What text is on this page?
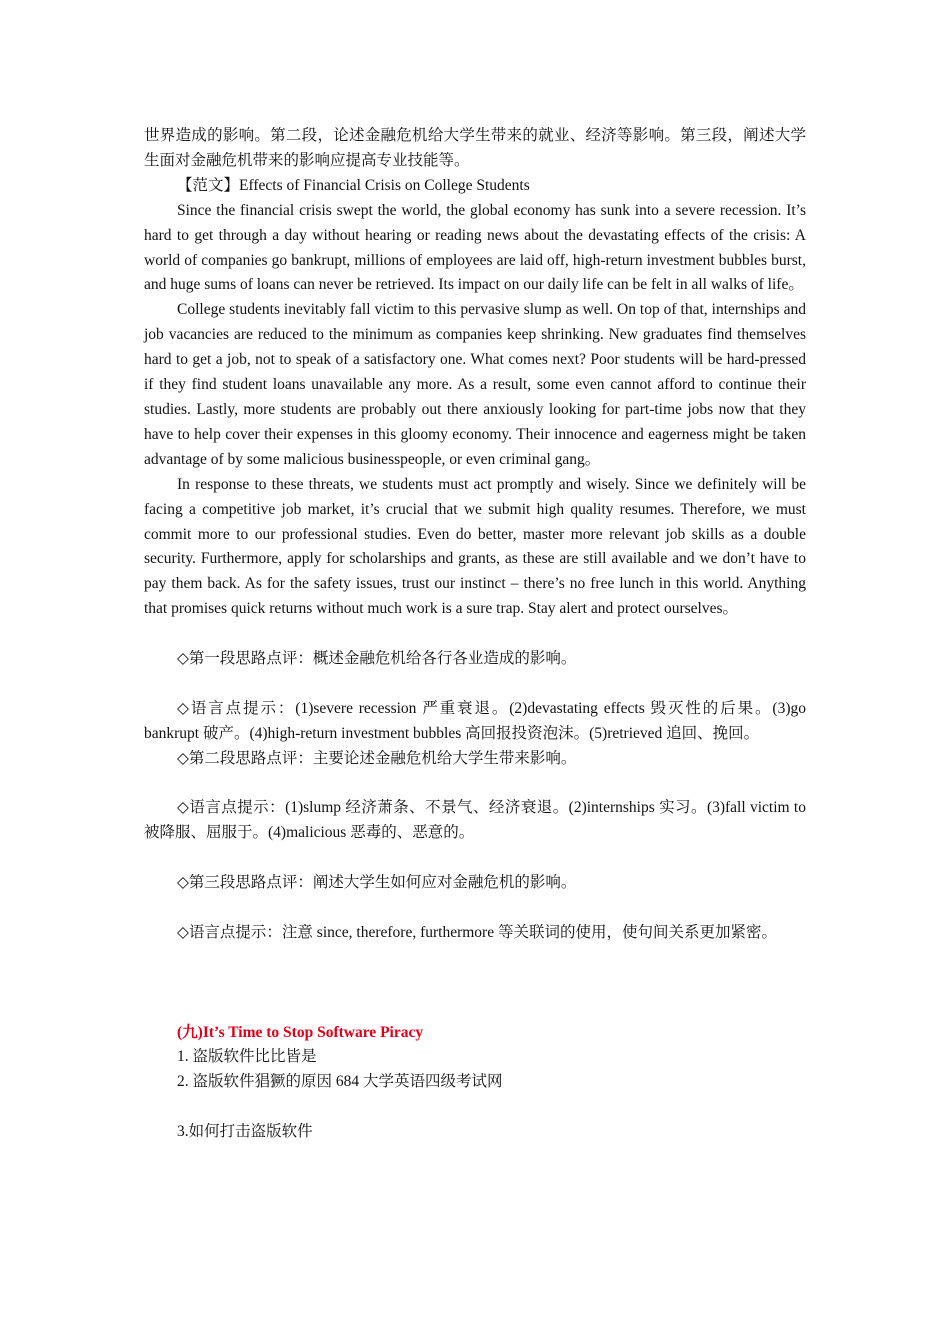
世界造成的影响。第二段，论述金融危机给大学生带来的就业、经济等影响。第三段，阐述大学生面对金融危机带来的影响应提高专业技能等。

【范文】Effects of Financial Crisis on College Students

Since the financial crisis swept the world, the global economy has sunk into a severe recession. It’s hard to get through a day without hearing or reading news about the devastating effects of the crisis: A world of companies go bankrupt, millions of employees are laid off, high-return investment bubbles burst, and huge sums of loans can never be retrieved. Its impact on our daily life can be felt in all walks of life。

College students inevitably fall victim to this pervasive slump as well. On top of that, internships and job vacancies are reduced to the minimum as companies keep shrinking. New graduates find themselves hard to get a job, not to speak of a satisfactory one. What comes next? Poor students will be hard-pressed if they find student loans unavailable any more. As a result, some even cannot afford to continue their studies. Lastly, more students are probably out there anxiously looking for part-time jobs now that they have to help cover their expenses in this gloomy economy. Their innocence and eagerness might be taken advantage of by some malicious businesspeople, or even criminal gang。

In response to these threats, we students must act promptly and wisely. Since we definitely will be facing a competitive job market, it’s crucial that we submit high quality resumes. Therefore, we must commit more to our professional studies. Even do better, master more relevant job skills as a double security. Furthermore, apply for scholarships and grants, as these are still available and we don’t have to pay them back. As for the safety issues, trust our instinct – there’s no free lunch in this world. Anything that promises quick returns without much work is a sure trap. Stay alert and protect ourselves。

◇第一段思路点评：概述金融危机给各行各业造成的影响。

◇语言点提示：(1)severe recession 严重衰退。(2)devastating effects 毁灭性的后果。(3)go bankrupt 破产。(4)high-return investment bubbles 高回报投资泡沫。(5)retrieved 追回、挽回。

◇第二段思路点评：主要论述金融危机给大学生带来影响。

◇语言点提示：(1)slump 经济萧条、不景气、经济衰退。(2)internships 实习。(3)fall victim to 被降服、屈服于。(4)malicious 恶毒的、恶意的。

◇第三段思路点评：阐述大学生如何应对金融危机的影响。

◇语言点提示：注意 since, therefore, furthermore 等关联词的使用，使句间关系更加紧密。

(九)It’s Time to Stop Software Piracy

1. 盗版软件比比皆是

2. 盗版软件猖獗的原因 684 大学英语四级考试网

3.如何打击盗版软件
